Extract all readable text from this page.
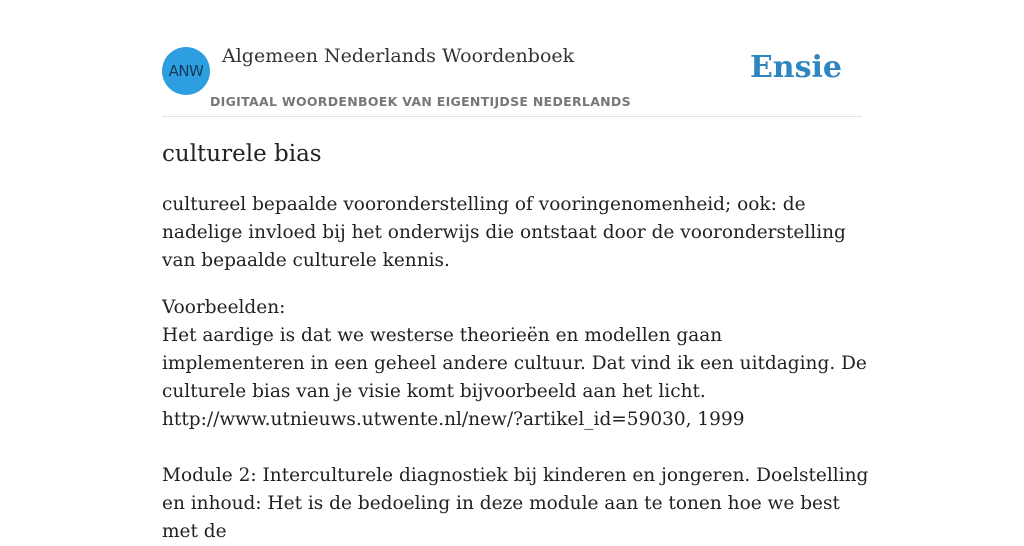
ANW
Algemeen Nederlands Woordenboek
DIGITAAL WOORDENBOEK VAN EIGENTIJDSE NEDERLANDS
Ensie
culturele bias

cultureel bepaalde vooronderstelling of vooringenomenheid; ook: de nadelige invloed bij het onderwijs die ontstaat door de vooronderstelling van bepaalde culturele kennis.

Voorbeelden:

Het aardige is dat we westerse theorieën en modellen gaan implementeren in een geheel andere cultuur. Dat vind ik een uitdaging. De culturele bias van je visie komt bijvoorbeeld aan het licht.

http://www.utnieuws.utwente.nl/new/?artikel_id=59030, 1999

Module 2: Interculturele diagnostiek bij kinderen en jongeren. Doelstelling en inhoud: Het is de bedoeling in deze module aan te tonen hoe we best met de
